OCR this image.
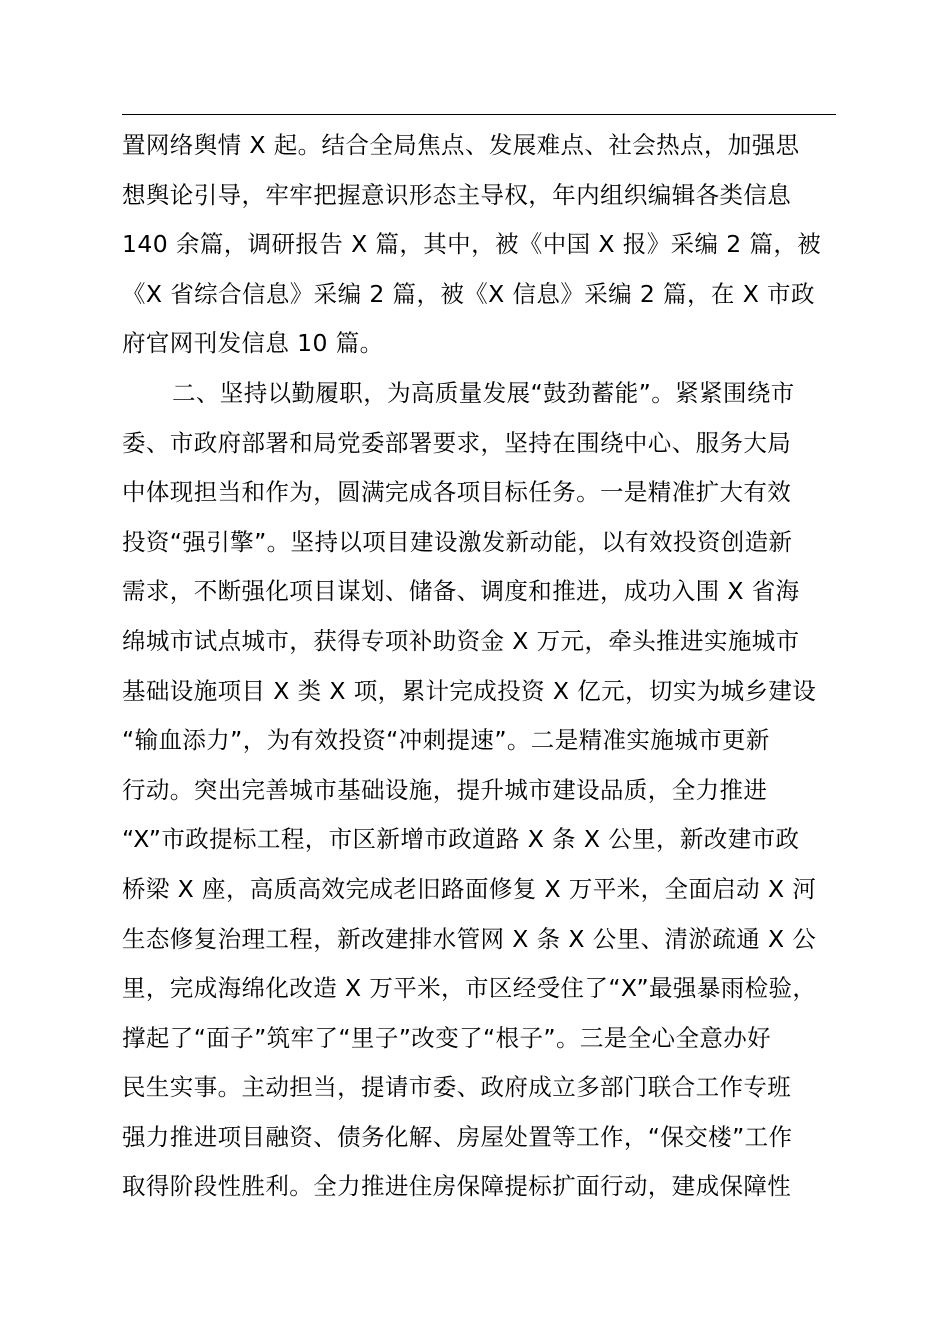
置网络舆情 X 起。结合全局焦点、发展难点、社会热点，加强思
想舆论引导，牢牢把握意识形态主导权，年内组织编辑各类信息
140 余篇，调研报告 X 篇，其中，被《中国 X 报》采编 2 篇，被
《X 省综合信息》采编 2 篇，被《X 信息》采编 2 篇，在 X 市政
府官网刊发信息 10 篇。
二、坚持以勤履职，为高质量发展“鼓劲蓄能”。紧紧围绕市
委、市政府部署和局党委部署要求，坚持在围绕中心、服务大局
中体现担当和作为，圆满完成各项目标任务。一是精准扩大有效
投资“强引擎”。坚持以项目建设激发新动能，以有效投资创造新
需求，不断强化项目谋划、储备、调度和推进，成功入围 X 省海
绵城市试点城市，获得专项补助资金 X 万元，牵头推进实施城市
基础设施项目 X 类 X 项，累计完成投资 X 亿元，切实为城乡建设
“输血添力”，为有效投资“冲刺提速”。二是精准实施城市更新
行动。突出完善城市基础设施，提升城市建设品质，全力推进
“X”市政提标工程，市区新增市政道路 X 条 X 公里，新改建市政
桥梁 X 座，高质高效完成老旧路面修复 X 万平米，全面启动 X 河
生态修复治理工程，新改建排水管网 X 条 X 公里、清淤疏通 X 公
里，完成海绵化改造 X 万平米，市区经受住了“X”最强暴雨检验，
撑起了“面子”筑牢了“里子”改变了“根子”。三是全心全意办好
民生实事。主动担当，提请市委、政府成立多部门联合工作专班
强力推进项目融资、债务化解、房屋处置等工作，“保交楼”工作
取得阶段性胜利。全力推进住房保障提标扩面行动，建成保障性
